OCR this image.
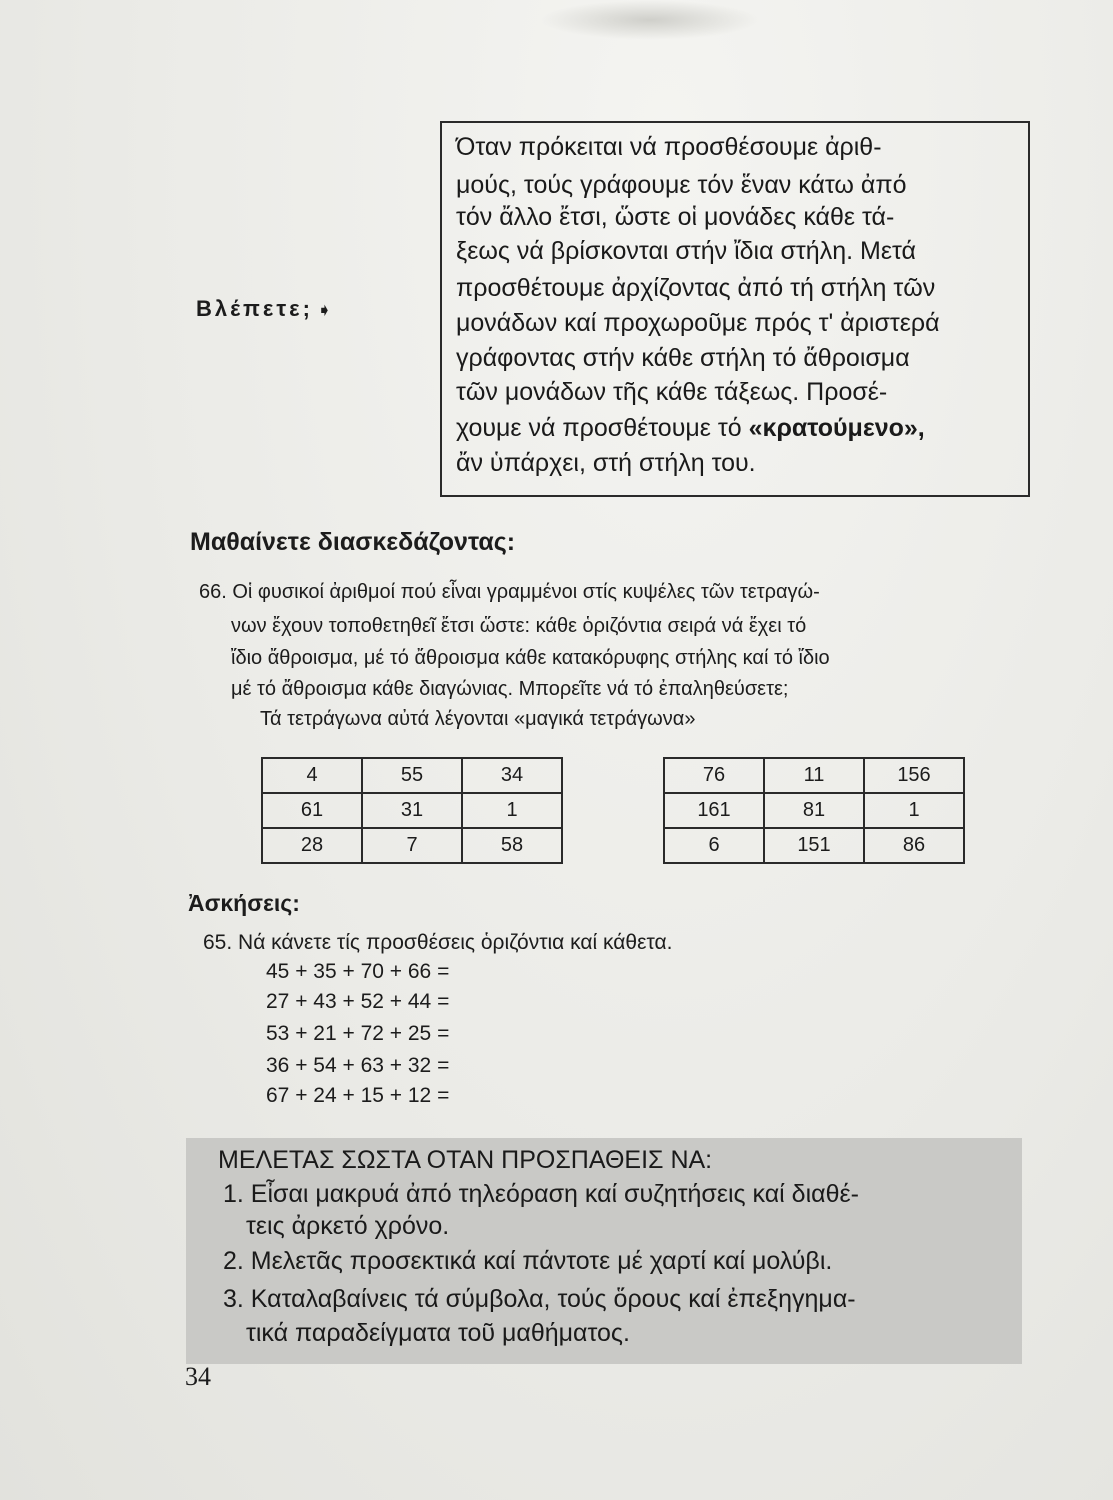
Όταν πρόκειται νά προσθέσουμε ἀριθ-
μούς, τούς γράφουμε τόν ἕναν κάτω ἀπό
τόν ἄλλο ἔτσι, ὥστε οἱ μονάδες κάθε τά-
ξεως νά βρίσκονται στήν ἴδια στήλη. Μετά
προσθέτουμε ἀρχίζοντας ἀπό τή στήλη τῶν
μονάδων καί προχωροῦμε πρός τ' ἀριστερά
γράφοντας στήν κάθε στήλη τό ἄθροισμα
τῶν μονάδων τῆς κάθε τάξεως. Προσέ-
χουμε νά προσθέτουμε τό «κρατούμενο»,
ἄν ὑπάρχει, στή στήλη του.
Βλέπετε; ➧
Μαθαίνετε διασκεδάζοντας:
66. Οἱ φυσικοί ἀριθμοί πού εἶναι γραμμένοι στίς κυψέλες τῶν τετραγώ-
νων ἔχουν τοποθετηθεῖ ἔτσι ὥστε: κάθε ὁριζόντια σειρά νά ἔχει τό
ἴδιο ἄθροισμα, μέ τό ἄθροισμα κάθε κατακόρυφης στήλης καί τό ἴδιο
μέ τό ἄθροισμα κάθε διαγώνιας. Μπορεῖτε νά τό ἐπαληθεύσετε;
Τά τετράγωνα αὐτά λέγονται «μαγικά τετράγωνα»
4	55	34
61	31	1
28	7	58
76	11	156
161	81	1
6	151	86
Ἀσκήσεις:
65. Νά κάνετε τίς προσθέσεις ὁριζόντια καί κάθετα.
45 + 35 + 70 + 66 =
27 + 43 + 52 + 44 =
53 + 21 + 72 + 25 =
36 + 54 + 63 + 32 =
67 + 24 + 15 + 12 =
ΜΕΛΕΤΑΣ ΣΩΣΤΑ ΟΤΑΝ ΠΡΟΣΠΑΘΕΙΣ ΝΑ:
1. Εἶσαι μακρυά ἀπό τηλεόραση καί συζητήσεις καί διαθέ-
τεις ἀρκετό χρόνο.
2. Μελετᾶς προσεκτικά καί πάντοτε μέ χαρτί καί μολύβι.
3. Καταλαβαίνεις τά σύμβολα, τούς ὅρους καί ἐπεξηγημα-
τικά παραδείγματα τοῦ μαθήματος.
34
